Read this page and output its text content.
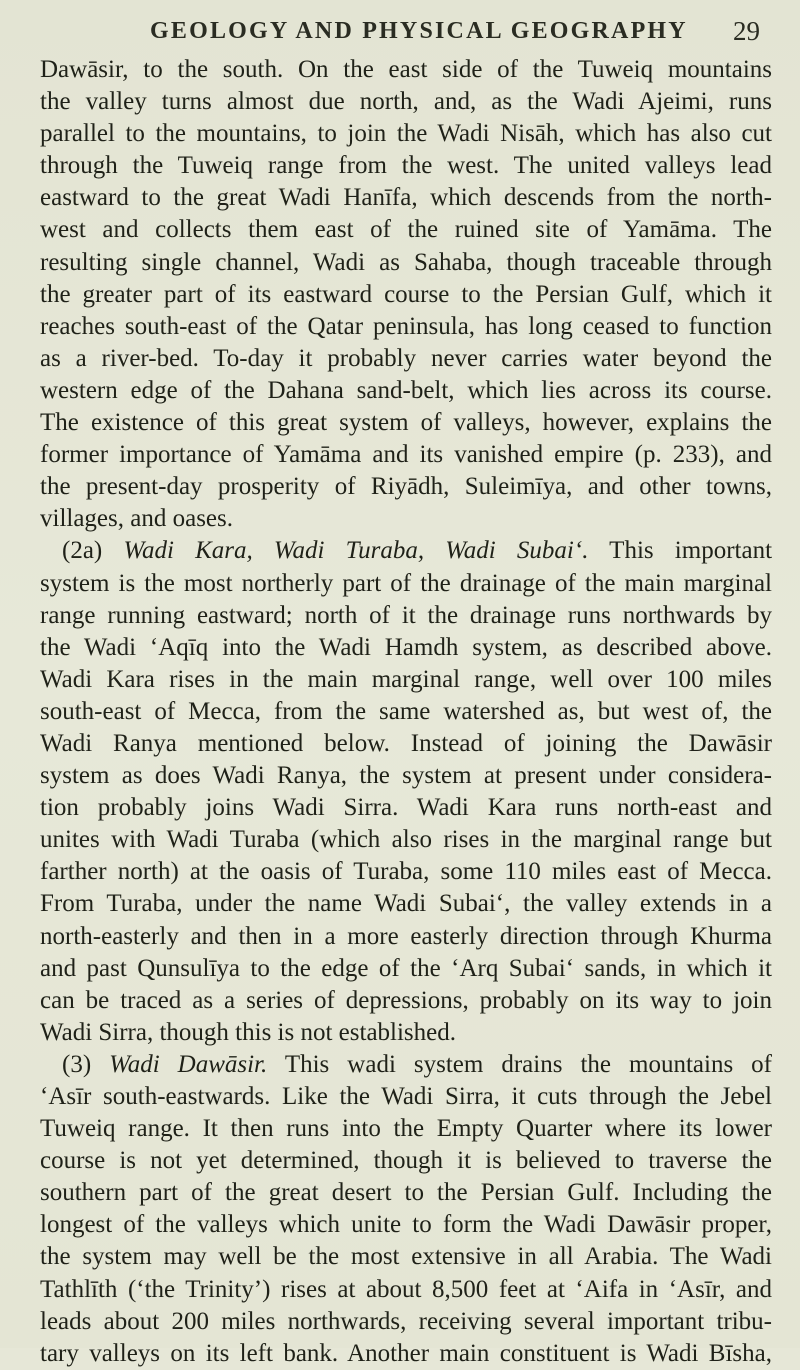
GEOLOGY AND PHYSICAL GEOGRAPHY 29
Dawāsir, to the south. On the east side of the Tuweiq mountains
the valley turns almost due north, and, as the Wadi Ajeimi, runs
parallel to the mountains, to join the Wadi Nisāh, which has also cut
through the Tuweiq range from the west. The united valleys lead
eastward to the great Wadi Hanīfa, which descends from the north-
west and collects them east of the ruined site of Yamāma. The
resulting single channel, Wadi as Sahaba, though traceable through
the greater part of its eastward course to the Persian Gulf, which it
reaches south-east of the Qatar peninsula, has long ceased to function
as a river-bed. To-day it probably never carries water beyond the
western edge of the Dahana sand-belt, which lies across its course.
The existence of this great system of valleys, however, explains the
former importance of Yamāma and its vanished empire (p. 233), and
the present-day prosperity of Riyādh, Suleimīya, and other towns,
villages, and oases.
(2a) Wadi Kara, Wadi Turaba, Wadi Subai‘. This important
system is the most northerly part of the drainage of the main marginal
range running eastward; north of it the drainage runs northwards by
the Wadi ‘Aqīq into the Wadi Hamdh system, as described above.
Wadi Kara rises in the main marginal range, well over 100 miles
south-east of Mecca, from the same watershed as, but west of, the
Wadi Ranya mentioned below. Instead of joining the Dawāsir
system as does Wadi Ranya, the system at present under considera-
tion probably joins Wadi Sirra. Wadi Kara runs north-east and
unites with Wadi Turaba (which also rises in the marginal range but
farther north) at the oasis of Turaba, some 110 miles east of Mecca.
From Turaba, under the name Wadi Subai‘, the valley extends in a
north-easterly and then in a more easterly direction through Khurma
and past Qunsulīya to the edge of the ‘Arq Subai‘ sands, in which it
can be traced as a series of depressions, probably on its way to join
Wadi Sirra, though this is not established.
(3) Wadi Dawāsir. This wadi system drains the mountains of
‘Asīr south-eastwards. Like the Wadi Sirra, it cuts through the Jebel
Tuweiq range. It then runs into the Empty Quarter where its lower
course is not yet determined, though it is believed to traverse the
southern part of the great desert to the Persian Gulf. Including the
longest of the valleys which unite to form the Wadi Dawāsir proper,
the system may well be the most extensive in all Arabia. The Wadi
Tathlīth (‘the Trinity’) rises at about 8,500 feet at ‘Aifa in ‘Asīr, and
leads about 200 miles northwards, receiving several important tribu-
tary valleys on its left bank. Another main constituent is Wadi Bīsha,
